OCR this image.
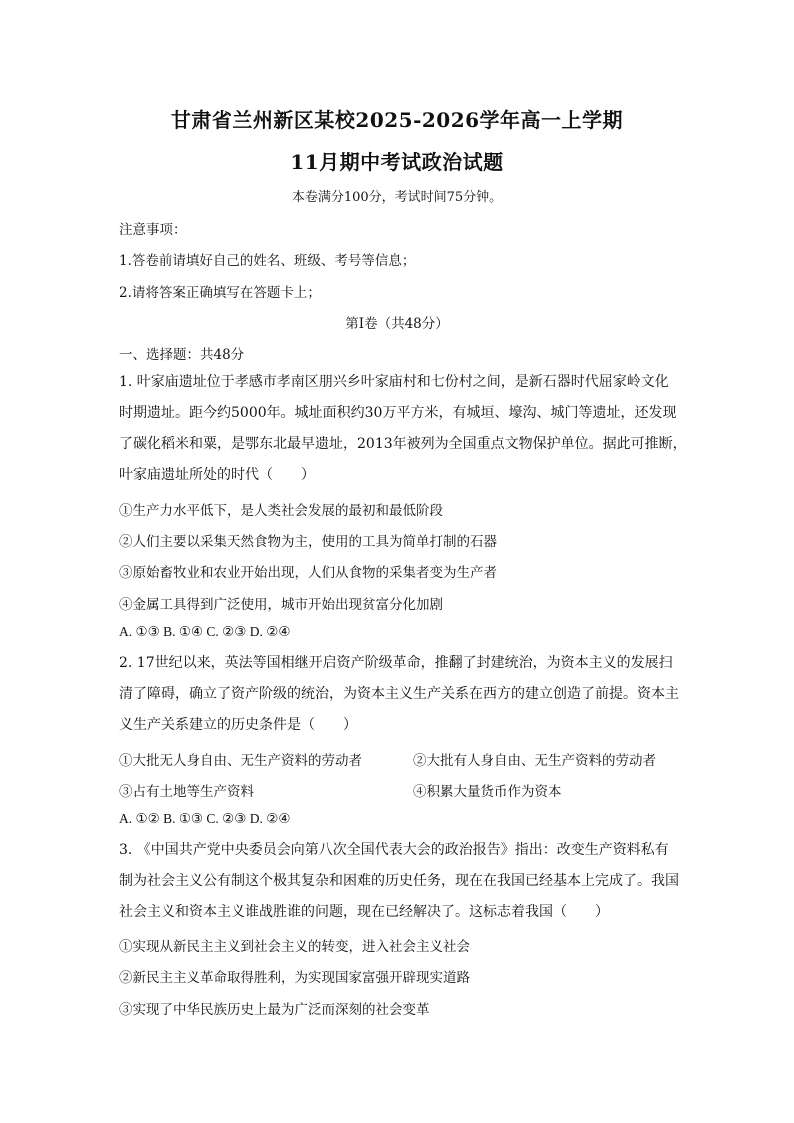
甘肃省兰州新区某校2025-2026学年高一上学期
11月期中考试政治试题
本卷满分100分，考试时间75分钟。
注意事项：
1.答卷前请填好自己的姓名、班级、考号等信息；
2.请将答案正确填写在答题卡上；
第I卷（共48分）
一、选择题：共48分
1. 叶家庙遗址位于孝感市孝南区朋兴乡叶家庙村和七份村之间，是新石器时代屈家岭文化
时期遗址。距今约5000年。城址面积约30万平方米，有城垣、壕沟、城门等遗址，还发现
了碳化稻米和粟，是鄂东北最早遗址，2013年被列为全国重点文物保护单位。据此可推断，
叶家庙遗址所处的时代（　　）
①生产力水平低下，是人类社会发展的最初和最低阶段
②人们主要以采集天然食物为主，使用的工具为简单打制的石器
③原始畜牧业和农业开始出现，人们从食物的采集者变为生产者
④金属工具得到广泛使用，城市开始出现贫富分化加剧
A. ①③ B. ①④ C. ②③ D. ②④
2. 17世纪以来，英法等国相继开启资产阶级革命，推翻了封建统治，为资本主义的发展扫
清了障碍，确立了资产阶级的统治，为资本主义生产关系在西方的建立创造了前提。资本主
义生产关系建立的历史条件是（　　）
①大批无人身自由、无生产资料的劳动者	②大批有人身自由、无生产资料的劳动者
③占有土地等生产资料	④积累大量货币作为资本
A. ①② B. ①③ C. ②③ D. ②④
3. 《中国共产党中央委员会向第八次全国代表大会的政治报告》指出：改变生产资料私有
制为社会主义公有制这个极其复杂和困难的历史任务，现在在我国已经基本上完成了。我国
社会主义和资本主义谁战胜谁的问题，现在已经解决了。这标志着我国（　　）
①实现从新民主主义到社会主义的转变，进入社会主义社会
②新民主主义革命取得胜利，为实现国家富强开辟现实道路
③实现了中华民族历史上最为广泛而深刻的社会变革
